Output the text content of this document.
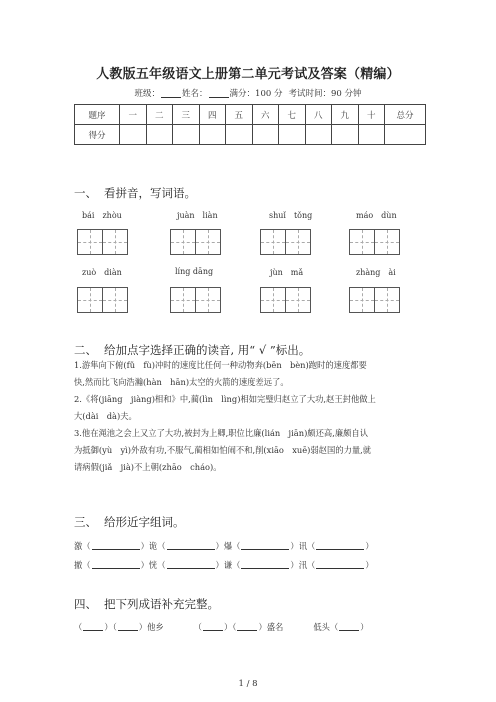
人教版五年级语文上册第二单元考试及答案（精编）
班级：	姓名：	满分：100 分 考试时间：90 分钟
题序	一	二	三	四	五	六	七	八	九	十	总分
得分											
一、 看拼音，写词语。
bái　zhòu	juàn　liàn	shuǐ　tǒng	máo　dùn
zuò　diàn	líng dāng	jùn　mǎ	zhàng　ài
二、 给加点字选择正确的读音, 用“ √ ”标出。
1.游隼向下俯(fǔ　fù)冲时的速度比任何一种动物奔(bēn　bèn)跑时的速度都要
快,然而比飞向浩瀚(hàn　hān)太空的火箭的速度差远了。
2.《将(jiāng　jiàng)相和》中,蔺(lìn　lìng)相如完璧归赵立了大功,赵王封他做上
大(dài　dà)夫。
3.他在渑池之会上又立了大功,被封为上卿,职位比廉(lián　jiān)颇还高,廉颇自认
为抵御(yù　yì)外敌有功,不服气,蔺相如怕闹不和,削(xiāo　xuē)弱赵国的力量,就
请病假(jiǎ　jià)不上朝(zhāo　cháo)。
三、 给形近字组词。
激（	）诡（	）爆（	）讯（	）
撤（	）恍（	）谦（	）汛（	）
四、 把下列成语补充完整。
（	）（	）他乡	（	）（	）盛名	低头（	）
1 / 8
